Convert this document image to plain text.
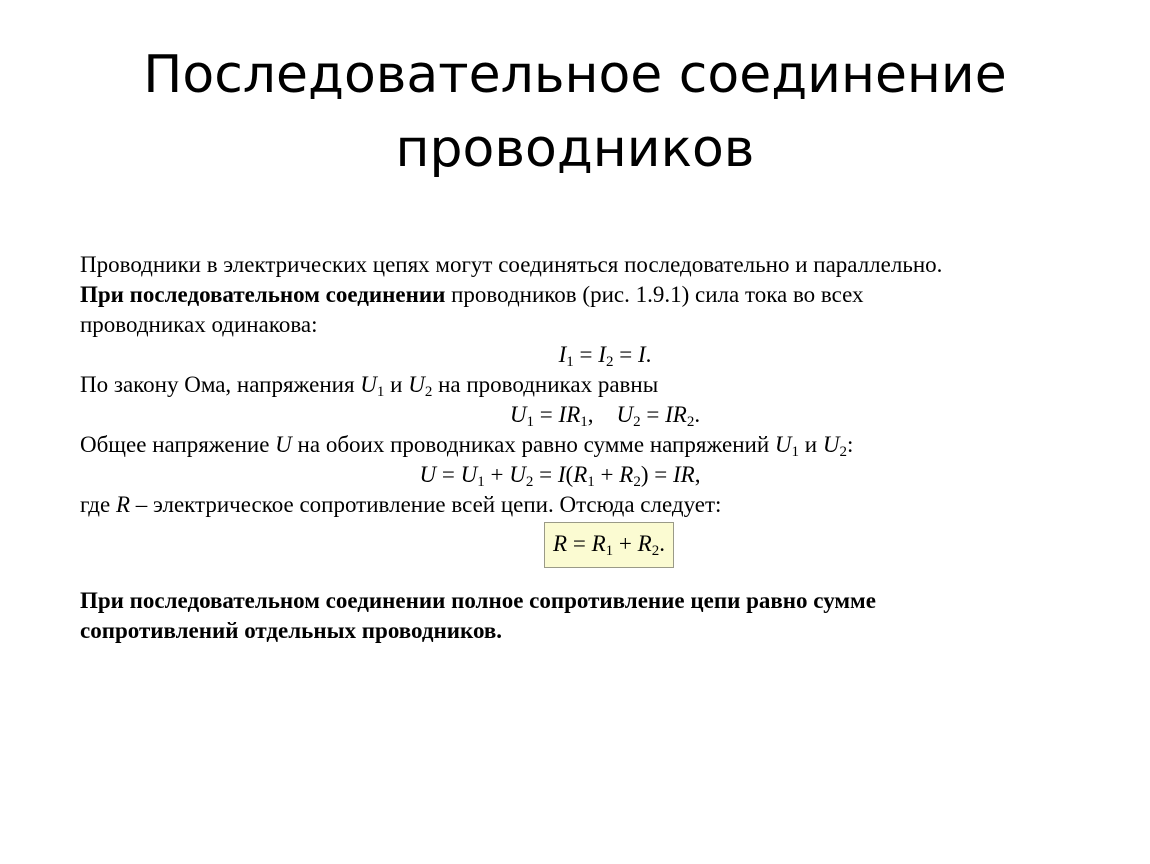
Последовательное соединение
проводников
Проводники в электрических цепях могут соединяться последовательно и параллельно.
При последовательном соединении проводников (рис. 1.9.1) сила тока во всех
проводниках одинакова:
$I_1 = I_2 = I$.
По закону Ома, напряжения $U_1$ и $U_2$ на проводниках равны
$U_1 = IR_1$,    $U_2 = IR_2$.
Общее напряжение U на обоих проводниках равно сумме напряжений $U_1$ и $U_2$:
$U = U_1 + U_2 = I(R_1 + R_2)$ = IR,
где R – электрическое сопротивление всей цепи. Отсюда следует:
$R = R_1 + R_2$.
При последовательном соединении полное сопротивление цепи равно сумме
сопротивлений отдельных проводников.
